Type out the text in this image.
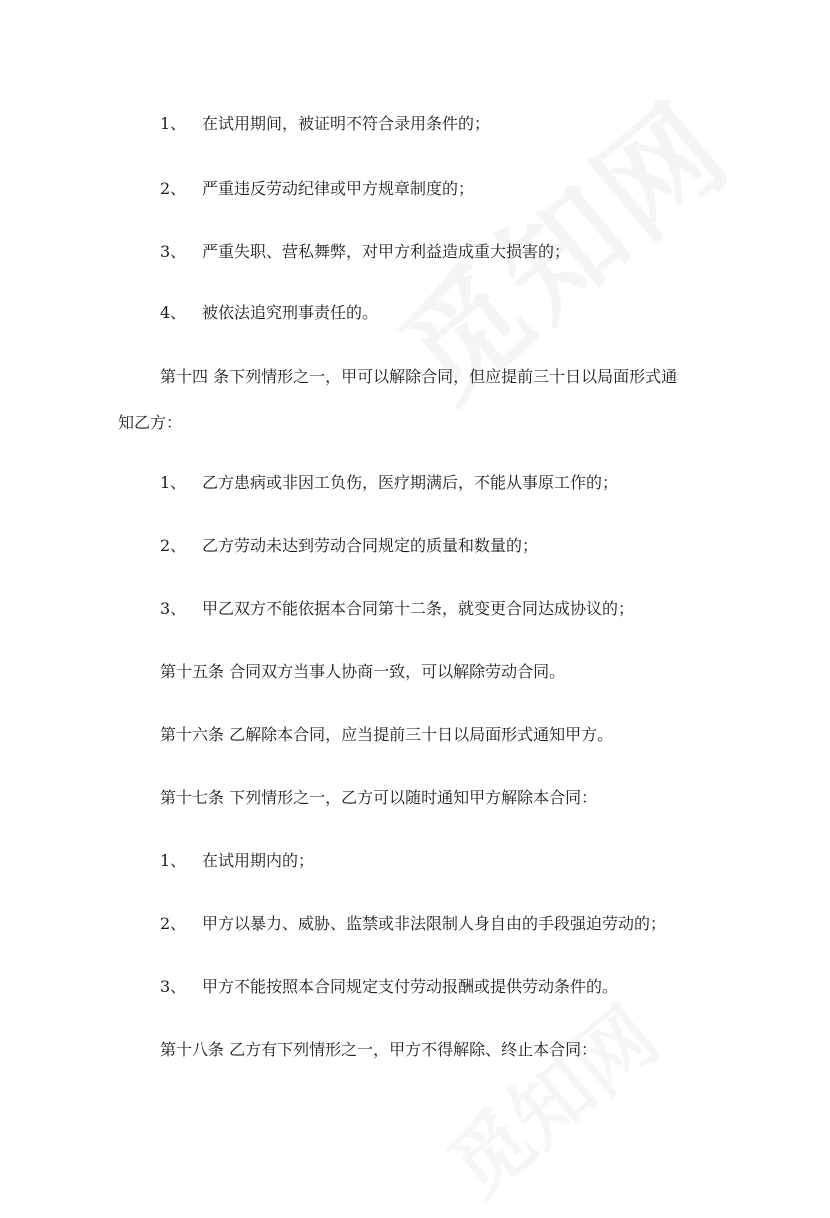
1、 在试用期间，被证明不符合录用条件的；
2、 严重违反劳动纪律或甲方规章制度的；
3、 严重失职、营私舞弊，对甲方利益造成重大损害的；
4、 被依法追究刑事责任的。
第十四 条下列情形之一，甲可以解除合同，但应提前三十日以局面形式通
知乙方：
1、 乙方患病或非因工负伤，医疗期满后，不能从事原工作的；
2、 乙方劳动未达到劳动合同规定的质量和数量的；
3、 甲乙双方不能依据本合同第十二条，就变更合同达成协议的；
第十五条 合同双方当事人协商一致，可以解除劳动合同。
第十六条 乙解除本合同，应当提前三十日以局面形式通知甲方。
第十七条 下列情形之一，乙方可以随时通知甲方解除本合同：
1、 在试用期内的；
2、 甲方以暴力、威胁、监禁或非法限制人身自由的手段强迫劳动的；
3、 甲方不能按照本合同规定支付劳动报酬或提供劳动条件的。
第十八条 乙方有下列情形之一，甲方不得解除、终止本合同：
